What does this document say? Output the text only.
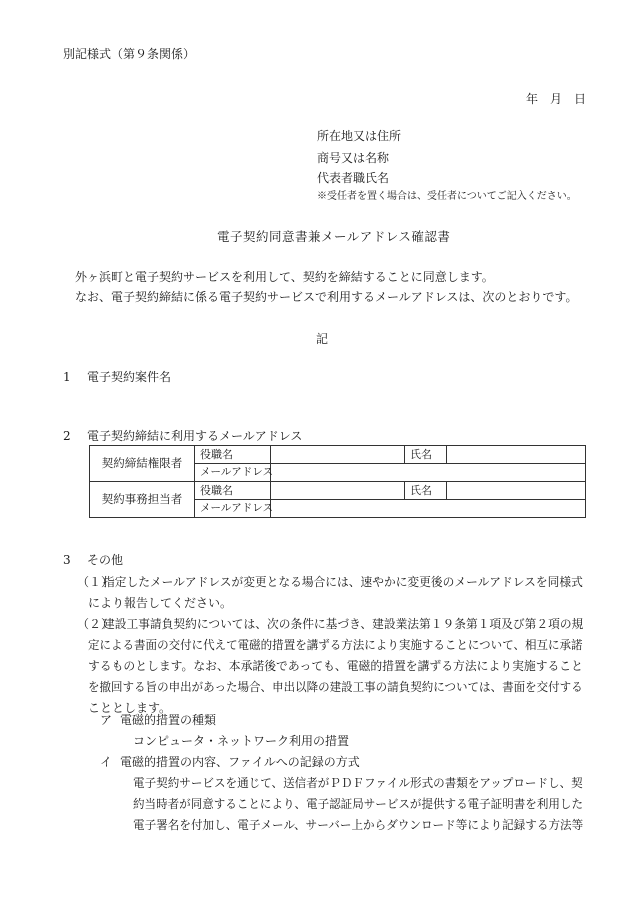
別記様式（第９条関係）
年　月　日
所在地又は住所
商号又は名称
代表者職氏名
※受任者を置く場合は、受任者についてご記入ください。
電子契約同意書兼メールアドレス確認書
外ヶ浜町と電子契約サービスを利用して、契約を締結することに同意します。
なお、電子契約締結に係る電子契約サービスで利用するメールアドレスは、次のとおりです。
記
1 電子契約案件名
2 電子契約締結に利用するメールアドレス
契約締結権限者	役職名		氏名	
	メールアドレス			
契約事務担当者	役職名		氏名	
	メールアドレス			
3 その他
（１）
指定したメールアドレスが変更となる場合には、速やかに変更後のメールアドレスを同様式
により報告してください。
（２）
建設工事請負契約については、次の条件に基づき、建設業法第１９条第１項及び第２項の規
定による書面の交付に代えて電磁的措置を講ずる方法により実施することについて、相互に承諾
するものとします。なお、本承諾後であっても、電磁的措置を講ずる方法により実施すること
を撤回する旨の申出があった場合、申出以降の建設工事の請負契約については、書面を交付する
こととします。
ア 電磁的措置の種類
コンピュータ・ネットワーク利用の措置
イ 電磁的措置の内容、ファイルへの記録の方式
電子契約サービスを通じて、送信者がＰＤＦファイル形式の書類をアップロードし、契
約当時者が同意することにより、電子認証局サービスが提供する電子証明書を利用した
電子署名を付加し、電子メール、サーバー上からダウンロード等により記録する方法等
